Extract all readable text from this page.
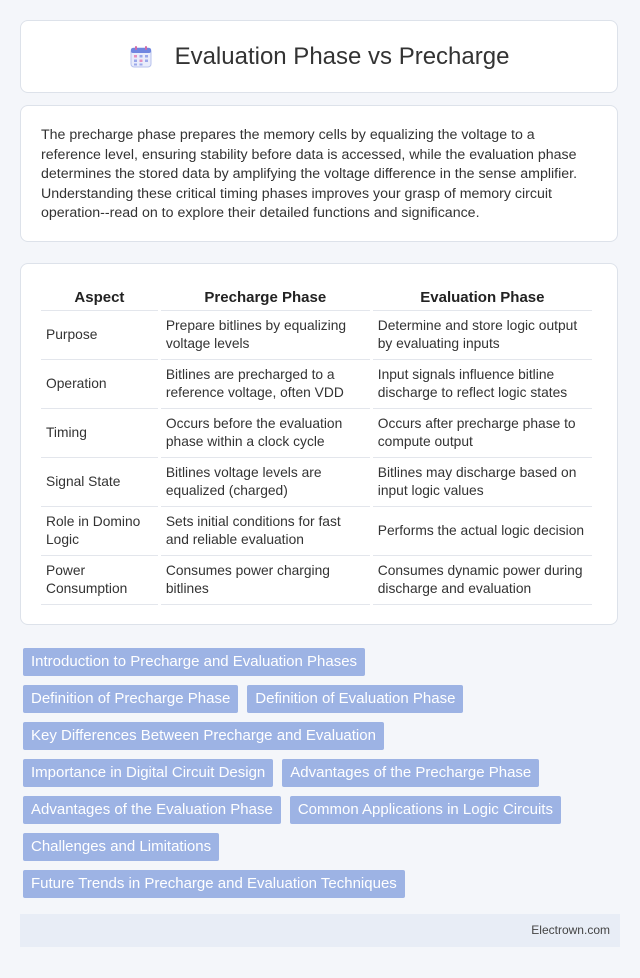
Evaluation Phase vs Precharge

The precharge phase prepares the memory cells by equalizing the voltage to a reference level, ensuring stability before data is accessed, while the evaluation phase determines the stored data by amplifying the voltage difference in the sense amplifier. Understanding these critical timing phases improves your grasp of memory circuit operation--read on to explore their detailed functions and significance.

Aspect	Precharge Phase	Evaluation Phase
Purpose	Prepare bitlines by equalizing voltage levels	Determine and store logic output by evaluating inputs
Operation	Bitlines are precharged to a reference voltage, often VDD	Input signals influence bitline discharge to reflect logic states
Timing	Occurs before the evaluation phase within a clock cycle	Occurs after precharge phase to compute output
Signal State	Bitlines voltage levels are equalized (charged)	Bitlines may discharge based on input logic values
Role in Domino Logic	Sets initial conditions for fast and reliable evaluation	Performs the actual logic decision
Power Consumption	Consumes power charging bitlines	Consumes dynamic power during discharge and evaluation
Introduction to Precharge and Evaluation Phases
Definition of Precharge Phase	Definition of Evaluation Phase
Key Differences Between Precharge and Evaluation
Importance in Digital Circuit Design	Advantages of the Precharge Phase
Advantages of the Evaluation Phase	Common Applications in Logic Circuits
Challenges and Limitations
Future Trends in Precharge and Evaluation Techniques
Electrown.com
